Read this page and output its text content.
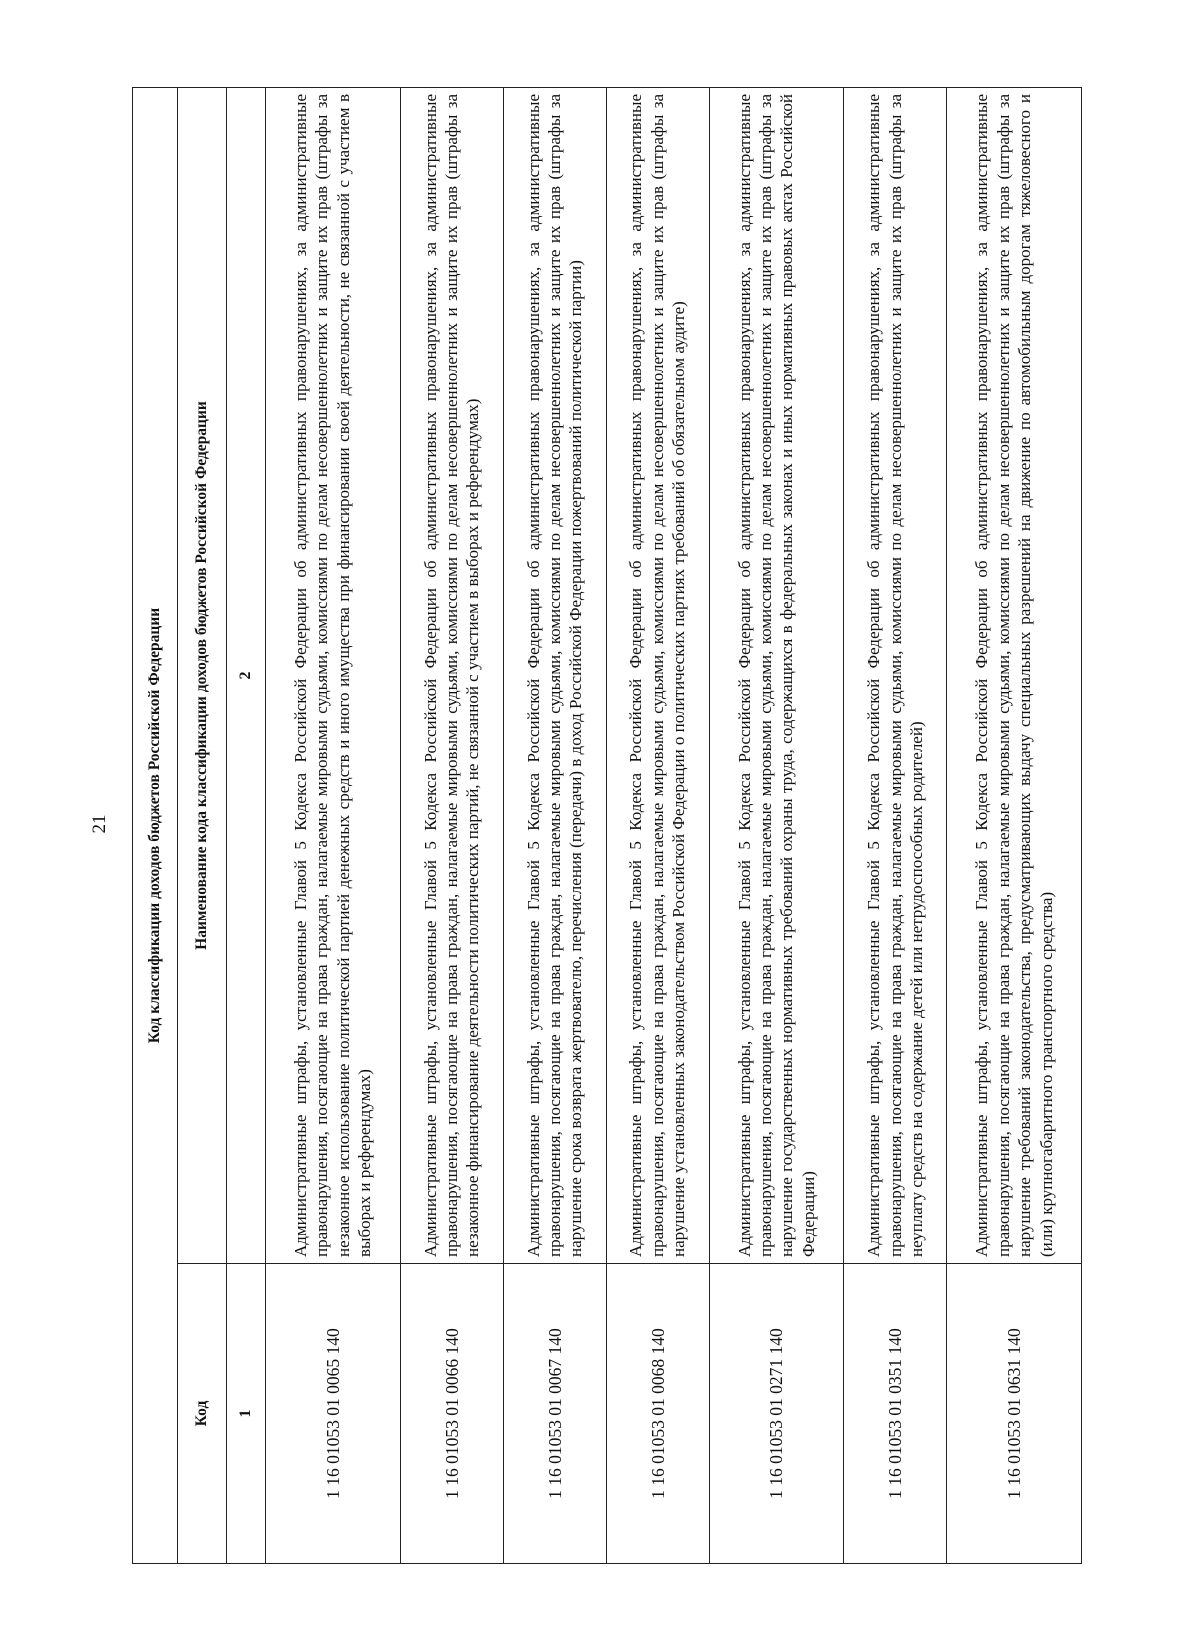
21 Код классификации доходов бюджетов Российской Федерации	
Код	Наименование кода классификации доходов бюджетов Российской Федерации
1	2
1 16 01053 01 0065 140	Административные штрафы, установленные Главой 5 Кодекса Российской Федерации об административных правонарушениях, за административные правонарушения, посягающие на права граждан, налагаемые мировыми судьями, комиссиями по делам несовершеннолетних и защите их прав (штрафы за незаконное использование политической партией денежных средств и иного имущества при финансировании своей деятельности, не связанной с участием в выборах и референдумах)
1 16 01053 01 0066 140	Административные штрафы, установленные Главой 5 Кодекса Российской Федерации об административных правонарушениях, за административные правонарушения, посягающие на права граждан, налагаемые мировыми судьями, комиссиями по делам несовершеннолетних и защите их прав (штрафы за незаконное финансирование деятельности политических партий, не связанной с участием в выборах и референдумах)
1 16 01053 01 0067 140	Административные штрафы, установленные Главой 5 Кодекса Российской Федерации об административных правонарушениях, за административные правонарушения, посягающие на права граждан, налагаемые мировыми судьями, комиссиями по делам несовершеннолетних и защите их прав (штрафы за нарушение срока возврата жертвователю, перечисления (передачи) в доход Российской Федерации пожертвований политической партии)
1 16 01053 01 0068 140	Административные штрафы, установленные Главой 5 Кодекса Российской Федерации об административных правонарушениях, за административные правонарушения, посягающие на права граждан, налагаемые мировыми судьями, комиссиями по делам несовершеннолетних и защите их прав (штрафы за нарушение установленных законодательством Российской Федерации о политических партиях требований об обязательном аудите)
1 16 01053 01 0271 140	Административные штрафы, установленные Главой 5 Кодекса Российской Федерации об административных правонарушениях, за административные правонарушения, посягающие на права граждан, налагаемые мировыми судьями, комиссиями по делам несовершеннолетних и защите их прав (штрафы за нарушение государственных нормативных требований охраны труда, содержащихся в федеральных законах и иных нормативных правовых актах Российской Федерации)
1 16 01053 01 0351 140	Административные штрафы, установленные Главой 5 Кодекса Российской Федерации об административных правонарушениях, за административные правонарушения, посягающие на права граждан, налагаемые мировыми судьями, комиссиями по делам несовершеннолетних и защите их прав (штрафы за неуплату средств на содержание детей или нетрудоспособных родителей)
1 16 01053 01 0631 140	Административные штрафы, установленные Главой 5 Кодекса Российской Федерации об административных правонарушениях, за административные правонарушения, посягающие на права граждан, налагаемые мировыми судьями, комиссиями по делам несовершеннолетних и защите их прав (штрафы за нарушение требований законодательства, предусматривающих выдачу специальных разрешений на движение по автомобильным дорогам тяжеловесного и (или) крупногабаритного транспортного средства)
